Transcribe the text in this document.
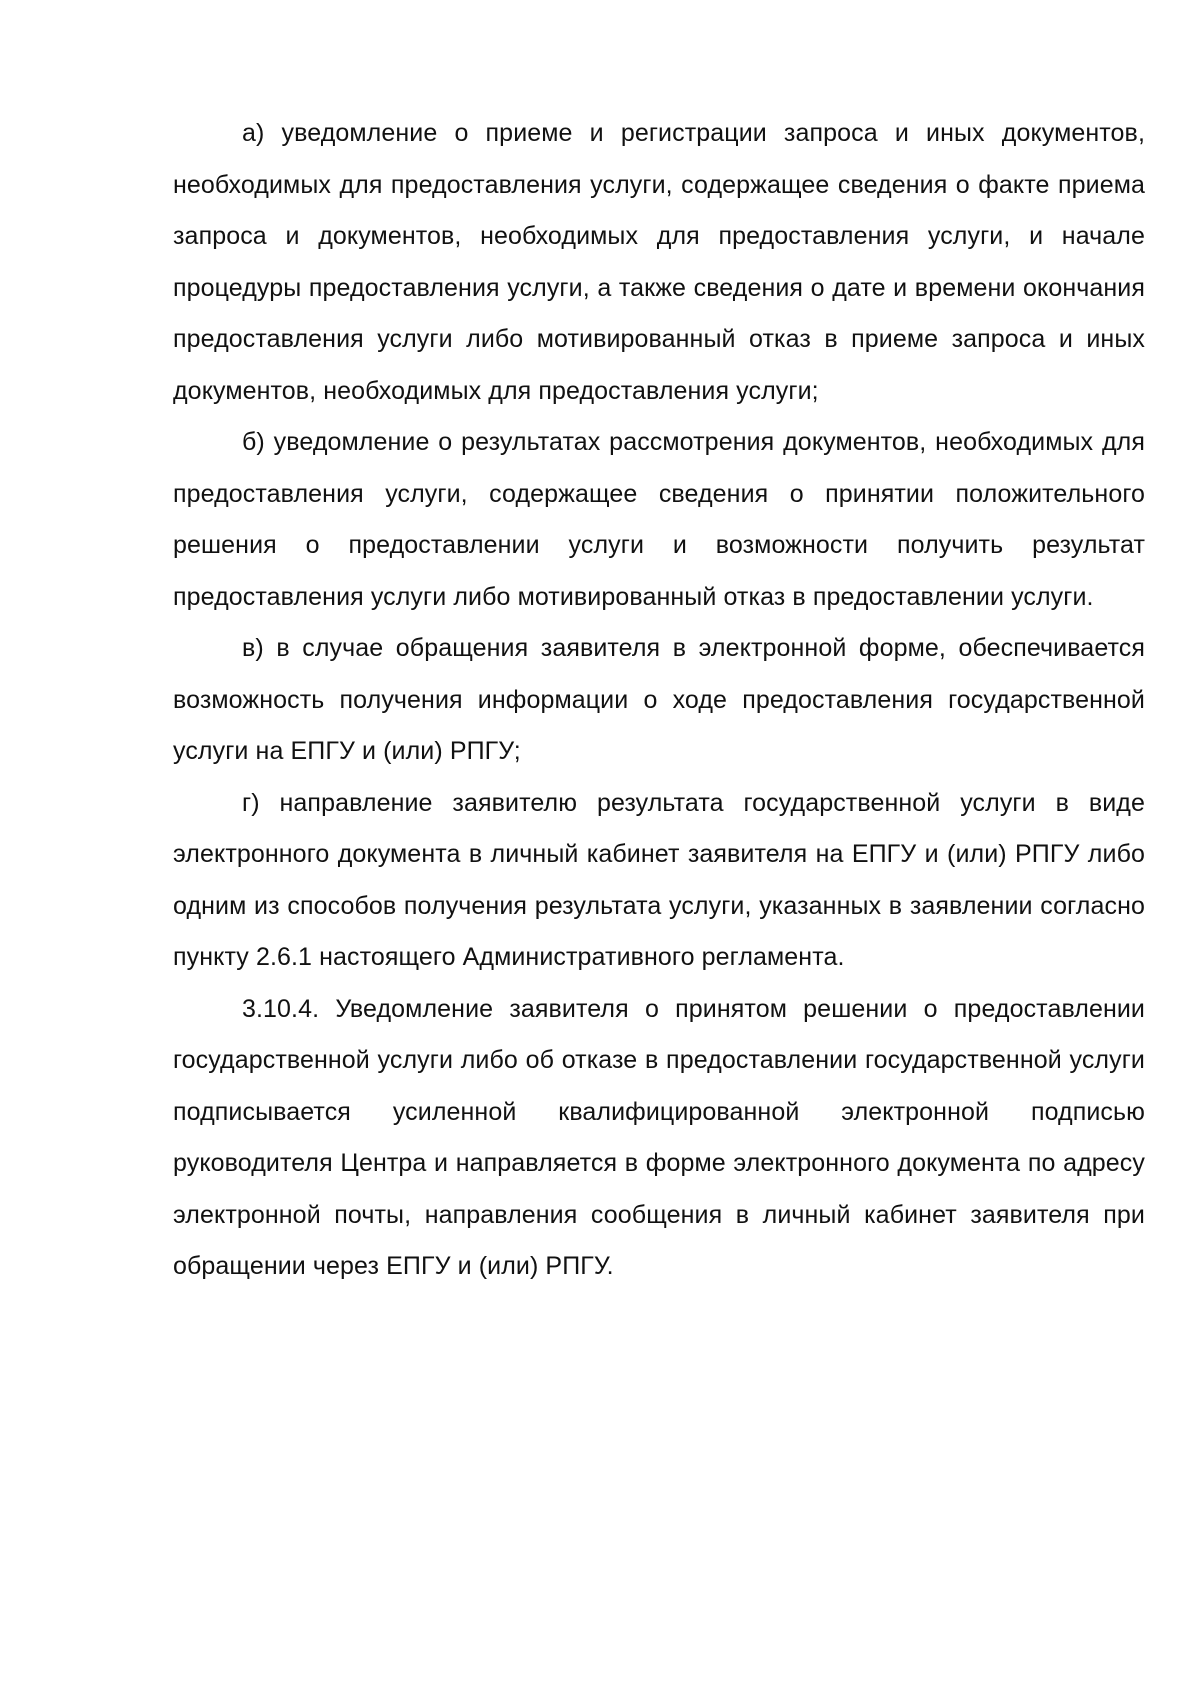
а) уведомление о приеме и регистрации запроса и иных документов, необходимых для предоставления услуги, содержащее сведения о факте приема запроса и документов, необходимых для предоставления услуги, и начале процедуры предоставления услуги, а также сведения о дате и времени окончания предоставления услуги либо мотивированный отказ в приеме запроса и иных документов, необходимых для предоставления услуги;

б) уведомление о результатах рассмотрения документов, необходимых для предоставления услуги, содержащее сведения о принятии положительного решения о предоставлении услуги и возможности получить результат предоставления услуги либо мотивированный отказ в предоставлении услуги.

в) в случае обращения заявителя в электронной форме, обеспечивается возможность получения информации о ходе предоставления государственной услуги на ЕПГУ и (или) РПГУ;

г) направление заявителю результата государственной услуги в виде электронного документа в личный кабинет заявителя на ЕПГУ и (или) РПГУ либо одним из способов получения результата услуги, указанных в заявлении согласно пункту 2.6.1 настоящего Административного регламента.

3.10.4. Уведомление заявителя о принятом решении о предоставлении государственной услуги либо об отказе в предоставлении государственной услуги подписывается усиленной квалифицированной электронной подписью руководителя Центра и направляется в форме электронного документа по адресу электронной почты, направления сообщения в личный кабинет заявителя при обращении через ЕПГУ и (или) РПГУ.
